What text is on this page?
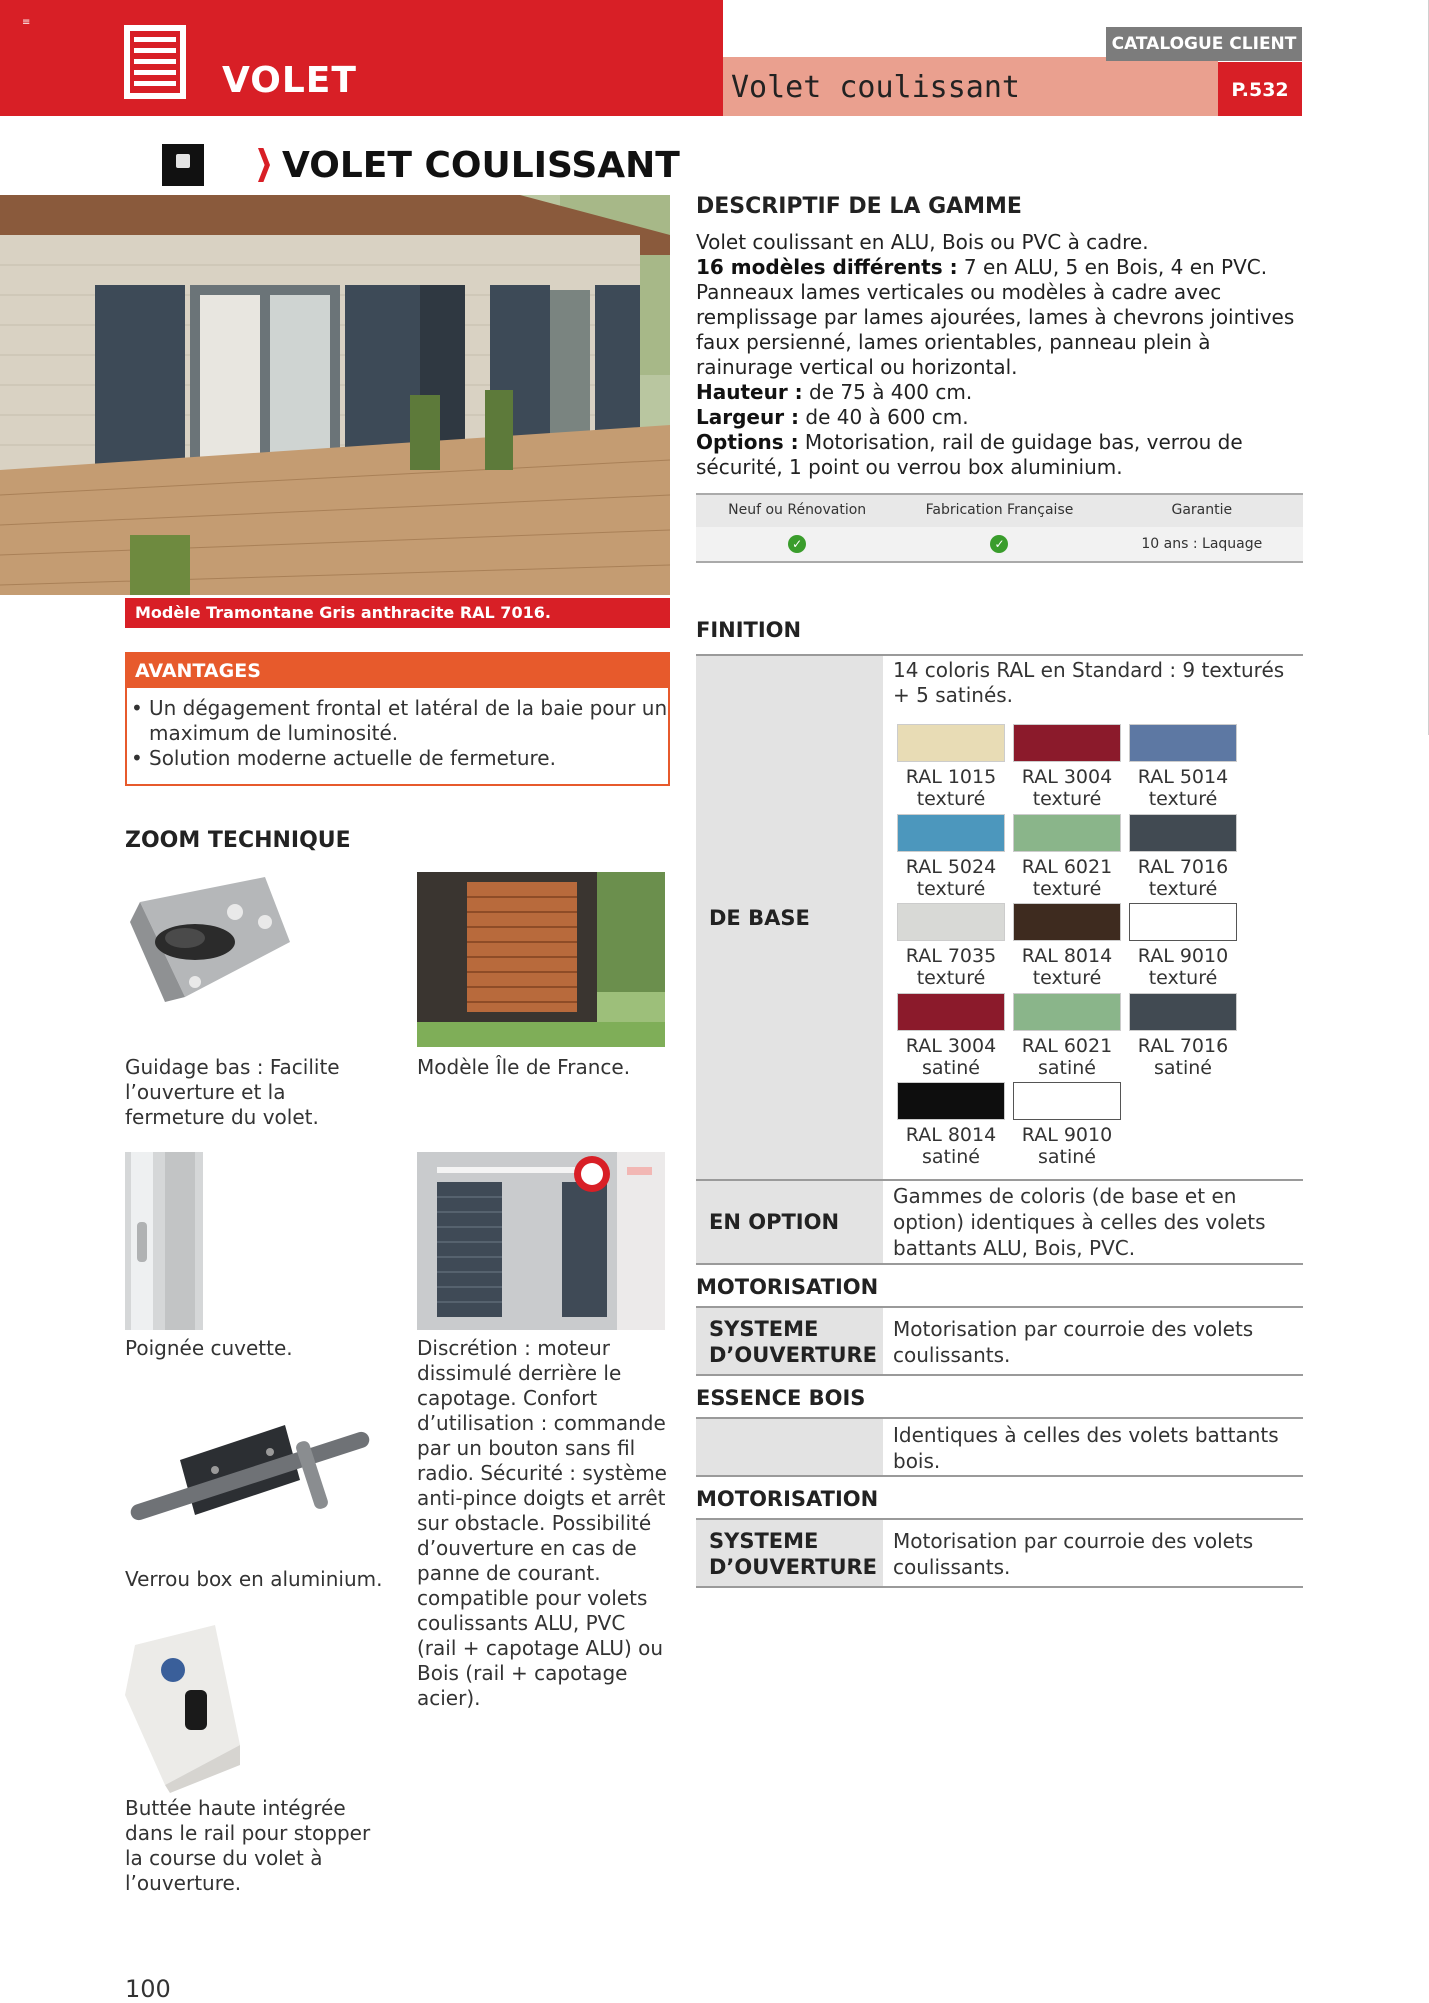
≡
VOLET	Volet coulissant
CATALOGUE CLIENT
P.532
VOLET COULISSANT
Modèle Tramontane Gris anthracite RAL 7016.
AVANTAGES
• Un dégagement frontal et latéral de la baie pour un maximum de luminosité.
• Solution moderne actuelle de fermeture.
ZOOM TECHNIQUE
Guidage bas : Facilite l’ouverture et la fermeture du volet.
Modèle Île de France.
Poignée cuvette.	Discrétion : moteur dissimulé derrière le capotage. Confort d’utilisation : commande par un bouton sans fil radio. Sécurité : système anti-pince doigts et arrêt sur obstacle. Possibilité d’ouverture en cas de panne de courant. compatible pour volets coulissants ALU, PVC (rail + capotage ALU) ou Bois (rail + capotage acier).
Verrou box en aluminium.
Buttée haute intégrée dans le rail pour stopper la course du volet à l’ouverture.
DESCRIPTIF DE LA GAMME
Volet coulissant en ALU, Bois ou PVC à cadre.
16 modèles différents : 7 en ALU, 5 en Bois, 4 en PVC.
Panneaux lames verticales ou modèles à cadre avec remplissage par lames ajourées, lames à chevrons jointives faux persienné, lames orientables, panneau plein à rainurage vertical ou horizontal.
Hauteur : de 75 à 400 cm.
Largeur : de 40 à 600 cm.
Options : Motorisation, rail de guidage bas, verrou de sécurité, 1 point ou verrou box aluminium.
Neuf ou Rénovation	Fabrication Française	Garantie
✓	✓	10 ans : Laquage
FINITION
DE BASE
14 coloris RAL en Standard : 9 texturés + 5 satinés.
RAL 1015
texturé
RAL 3004
texturé
RAL 5014
texturé
RAL 5024
texturé
RAL 6021
texturé
RAL 7016
texturé
RAL 7035
texturé
RAL 8014
texturé
RAL 9010
texturé
RAL 3004
satiné
RAL 6021
satiné
RAL 7016
satiné
RAL 8014
satiné
RAL 9010
satiné
EN OPTION
Gammes de coloris (de base et en option) identiques à celles des volets battants ALU, Bois, PVC.
MOTORISATION
SYSTEME D’OUVERTURE
Motorisation par courroie des volets coulissants.
ESSENCE BOIS
Identiques à celles des volets battants bois.
MOTORISATION
SYSTEME D’OUVERTURE
Motorisation par courroie des volets coulissants.
100
